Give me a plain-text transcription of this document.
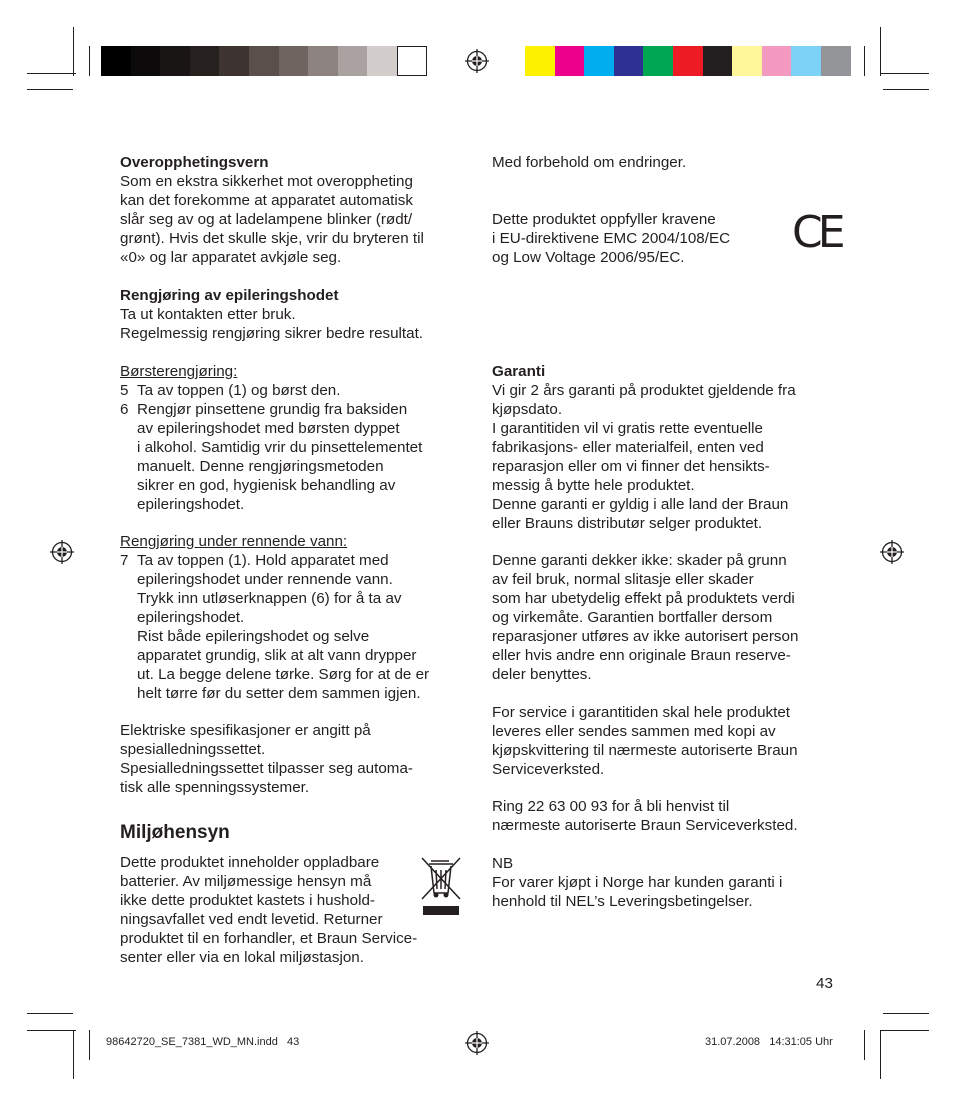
Overopphetingsvern
Som en ekstra sikkerhet mot overoppheting
kan det forekomme at apparatet automatisk
slår seg av og at ladelampene blinker (rødt/
grønt). Hvis det skulle skje, vrir du bryteren til
«0» og lar apparatet avkjøle seg.
Rengjøring av epileringshodet
Ta ut kontakten etter bruk.
Regelmessig rengjøring sikrer bedre resultat.
Børsterengjøring:
5 Ta av toppen (1) og børst den.
6 Rengjør pinsettene grundig fra baksiden
av epileringshodet med børsten dyppet
i alkohol. Samtidig vrir du pinsettelementet
manuelt. Denne rengjøringsmetoden
sikrer en god, hygienisk behandling av
epileringshodet.
Rengjøring under rennende vann:
7 Ta av toppen (1). Hold apparatet med
epileringshodet under rennende vann.
Trykk inn utløserknappen (6) for å ta av
epileringshodet.
Rist både epileringshodet og selve
apparatet grundig, slik at alt vann drypper
ut. La begge delene tørke. Sørg for at de er
helt tørre før du setter dem sammen igjen.
Elektriske spesifikasjoner er angitt på
spesialledningssettet.
Spesialledningssettet tilpasser seg automa-
tisk alle spenningssystemer.
Miljøhensyn
Dette produktet inneholder oppladbare
batterier. Av miljømessige hensyn må
ikke dette produktet kastets i hushold-
ningsavfallet ved endt levetid. Returner
produktet til en forhandler, et Braun Service-
senter eller via en lokal miljøstasjon.
Med forbehold om endringer.
Dette produktet oppfyller kravene
i EU-direktivene EMC 2004/108/EC
og Low Voltage 2006/95/EC.	CE
Garanti
Vi gir 2 års garanti på produktet gjeldende fra
kjøpsdato.
I garantitiden vil vi gratis rette eventuelle
fabrikasjons- eller materialfeil, enten ved
reparasjon eller om vi finner det hensikts-
messig å bytte hele produktet.
Denne garanti er gyldig i alle land der Braun
eller Brauns distributør selger produktet.
Denne garanti dekker ikke: skader på grunn
av feil bruk, normal slitasje eller skader
som har ubetydelig effekt på produktets verdi
og virkemåte. Garantien bortfaller dersom
reparasjoner utføres av ikke autorisert person
eller hvis andre enn originale Braun reserve-
deler benyttes.
For service i garantitiden skal hele produktet
leveres eller sendes sammen med kopi av
kjøpskvittering til nærmeste autoriserte Braun
Serviceverksted.
Ring 22 63 00 93 for å bli henvist til
nærmeste autoriserte Braun Serviceverksted.
NB
For varer kjøpt i Norge har kunden garanti i
henhold til NEL’s Leveringsbetingelser.
43
98642720_SE_7381_WD_MN.indd   43	31.07.2008   14:31:05 Uhr
